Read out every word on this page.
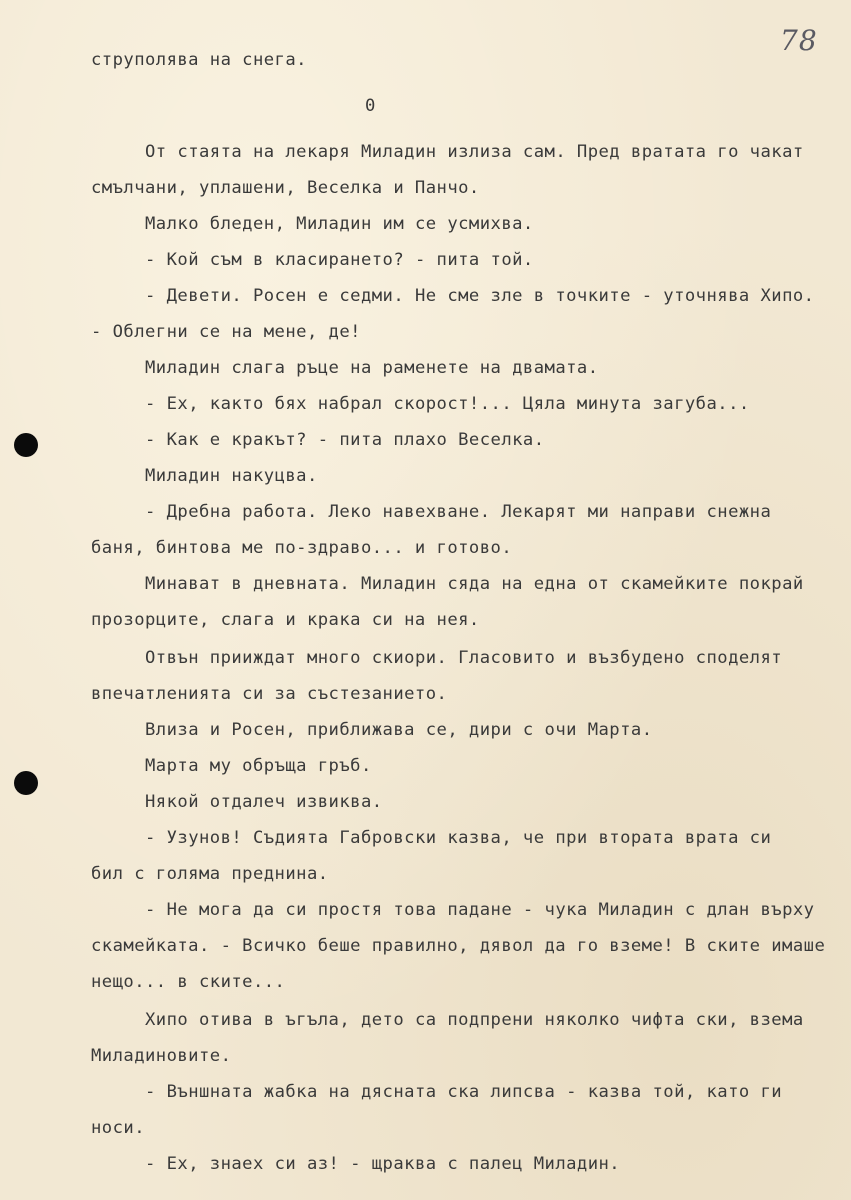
78
струполява на снега.
0
От стаята на лекаря Миладин излиза сам. Пред вратата го чакат
смълчани, уплашени, Веселка и Панчо.
Малко бледен, Миладин им се усмихва.
- Кой съм в класирането? - пита той.
- Девети. Росен е седми. Не сме зле в точките - уточнява Хипо.
- Облегни се на мене, де!
Миладин слага ръце на раменете на двамата.
- Ех, както бях набрал скорост!... Цяла минута загуба...
- Как е кракът? - пита плахо Веселка.
Миладин накуцва.
- Дребна работа. Леко навехване. Лекарят ми направи снежна
баня, бинтова ме по-здраво... и готово.
Минават в дневната. Миладин сяда на една от скамейките покрай
прозорците, слага и крака си на нея.
Отвън прииждат много скиори. Гласовито и възбудено споделят
впечатленията си за състезанието.
Влиза и Росен, приближава се, дири с очи Марта.
Марта му обръща гръб.
Някой отдалеч извиква.
- Узунов! Съдията Габровски казва, че при втората врата си
бил с голяма преднина.
- Не мога да си простя това падане - чука Миладин с длан върху
скамейката. - Всичко беше правилно, дявол да го вземе! В ските имаше
нещо... в ските...
Хипо отива в ъгъла, дето са подпрени няколко чифта ски, взема
Миладиновите.
- Външната жабка на дясната ска липсва - казва той, като ги
носи.
- Ех, знаех си аз! - щраква с палец Миладин.
